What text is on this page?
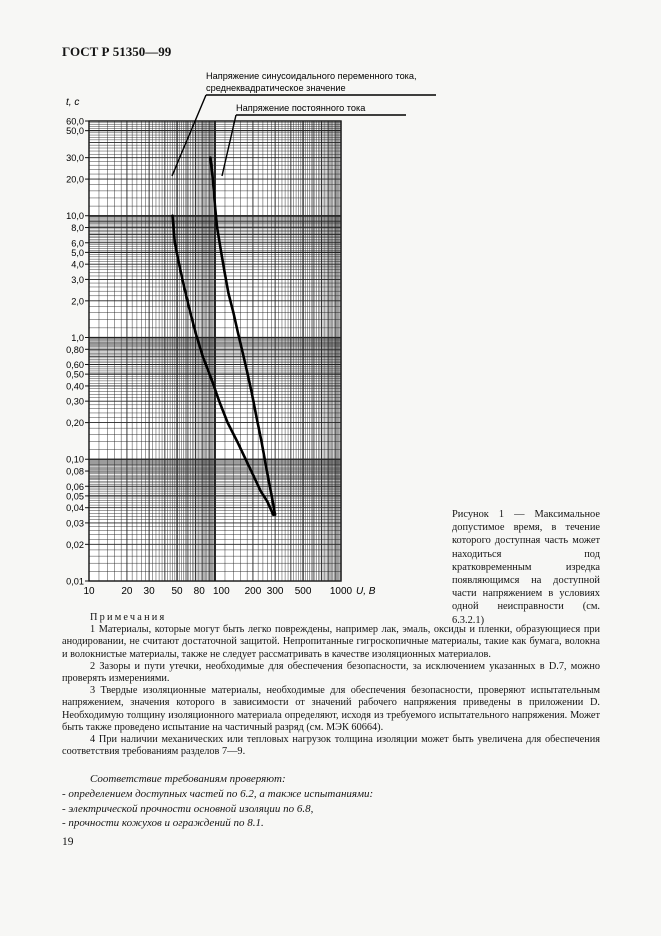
ГОСТ Р 51350—99
60,0
50,0
30,0
20,0
10,0
8,0
6,0
5,0
4,0
3,0
2,0
1,0
0,80
0,60
0,50
0,40
0,30
0,20
0,10
0,08
0,06
0,05
0,04
0,03
0,02
0,01
10	20 30 50 80 100 200 300 500 1000
t, c
U, B
Напряжение синусоидального переменного тока,
среднеквадратическое значение
Напряжение постоянного тока
Рисунок 1 — Максимальное допустимое время, в течение которого доступная часть может находиться под кратковременным изредка появляющимся на доступной части напряжением в условиях одной неисправности (см. 6.3.2.1)

Примечания

1 Материалы, которые могут быть легко повреждены, например лак, эмаль, оксиды и пленки, образующиеся при анодировании, не считают достаточной защитой. Непропитанные гигроскопичные материалы, такие как бумага, волокна и волокнистые материалы, также не следует рассматривать в качестве изоляционных материалов.

2 Зазоры и пути утечки, необходимые для обеспечения безопасности, за исключением указанных в D.7, можно проверять измерениями.

3 Твердые изоляционные материалы, необходимые для обеспечения безопасности, проверяют испытательным напряжением, значения которого в зависимости от значений рабочего напряжения приведены в приложении D. Необходимую толщину изоляционного материала определяют, исходя из требуемого испытательного напряжения. Может быть также проведено испытание на частичный разряд (см. МЭК 60664).

4 При наличии механических или тепловых нагрузок толщина изоляции может быть увеличена для обеспечения соответствия требованиям разделов 7—9.

Соответствие требованиям проверяют:

- определением доступных частей по 6.2, а также испытаниями:

- электрической прочности основной изоляции по 6.8,

- прочности кожухов и ограждений по 8.1.

19
